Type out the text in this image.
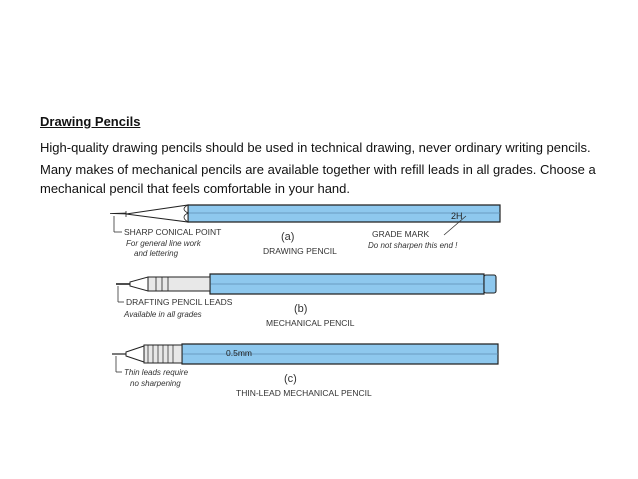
Drawing Pencils

High-quality drawing pencils should be used in technical drawing, never ordinary writing pencils.

Many makes of mechanical pencils are available together with refill leads in all grades. Choose a mechanical pencil that feels comfortable in your hand.

2H
SHARP CONICAL POINT
For general line work
and lettering
(a)
DRAWING PENCIL
GRADE MARK
Do not sharpen this end !
DRAFTING PENCIL LEADS
Available in all grades	(b)
MECHANICAL PENCIL
0.5mm
Thin leads require
no sharpening	(c)
THIN-LEAD MECHANICAL PENCIL
